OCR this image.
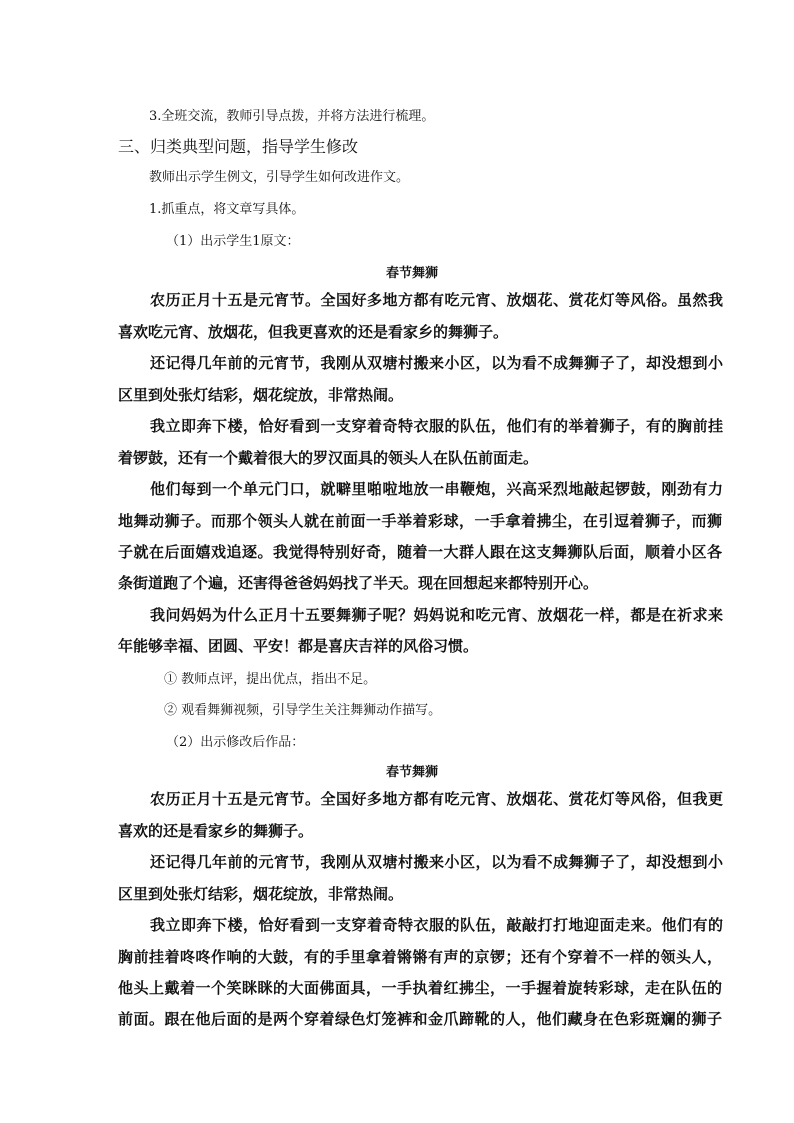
3.全班交流，教师引导点拨，并将方法进行梳理。
三、归类典型问题，指导学生修改
教师出示学生例文，引导学生如何改进作文。
1.抓重点，将文章写具体。
（1）出示学生1原文：
春节舞狮
农历正月十五是元宵节。全国好多地方都有吃元宵、放烟花、赏花灯等风俗。虽然我
喜欢吃元宵、放烟花，但我更喜欢的还是看家乡的舞狮子。
还记得几年前的元宵节，我刚从双塘村搬来小区，以为看不成舞狮子了，却没想到小
区里到处张灯结彩，烟花绽放，非常热闹。
我立即奔下楼，恰好看到一支穿着奇特衣服的队伍，他们有的举着狮子，有的胸前挂
着锣鼓，还有一个戴着很大的罗汉面具的领头人在队伍前面走。
他们每到一个单元门口，就噼里啪啦地放一串鞭炮，兴高采烈地敲起锣鼓，刚劲有力
地舞动狮子。而那个领头人就在前面一手举着彩球，一手拿着拂尘，在引逗着狮子，而狮
子就在后面嬉戏追逐。我觉得特别好奇，随着一大群人跟在这支舞狮队后面，顺着小区各
条街道跑了个遍，还害得爸爸妈妈找了半天。现在回想起来都特别开心。
我问妈妈为什么正月十五要舞狮子呢？妈妈说和吃元宵、放烟花一样，都是在祈求来
年能够幸福、团圆、平安！都是喜庆吉祥的风俗习惯。
① 教师点评，提出优点，指出不足。
② 观看舞狮视频，引导学生关注舞狮动作描写。
（2）出示修改后作品：
春节舞狮
农历正月十五是元宵节。全国好多地方都有吃元宵、放烟花、赏花灯等风俗，但我更
喜欢的还是看家乡的舞狮子。
还记得几年前的元宵节，我刚从双塘村搬来小区，以为看不成舞狮子了，却没想到小
区里到处张灯结彩，烟花绽放，非常热闹。
我立即奔下楼，恰好看到一支穿着奇特衣服的队伍，敲敲打打地迎面走来。他们有的
胸前挂着咚咚作响的大鼓，有的手里拿着锵锵有声的京锣；还有个穿着不一样的领头人，
他头上戴着一个笑眯眯的大面佛面具，一手执着红拂尘，一手握着旋转彩球，走在队伍的
前面。跟在他后面的是两个穿着绿色灯笼裤和金爪蹄靴的人，他们藏身在色彩斑斓的狮子
